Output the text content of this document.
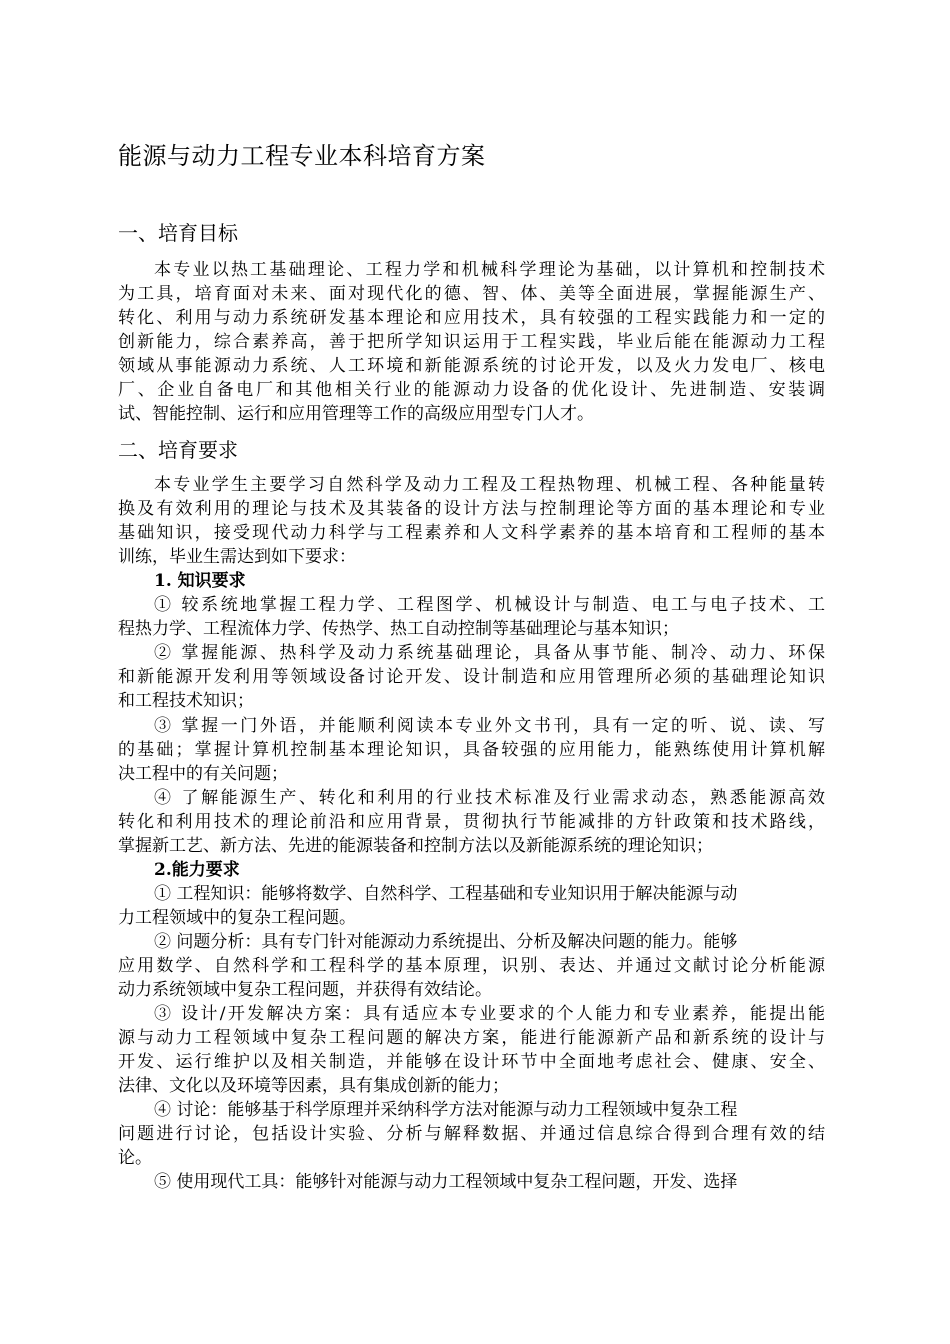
能源与动力工程专业本科培育方案
一、培育目标
本专业以热工基础理论、工程力学和机械科学理论为基础，以计算机和控制技术
为工具，培育面对未来、面对现代化的德、智、体、美等全面进展，掌握能源生产、
转化、利用与动力系统研发基本理论和应用技术，具有较强的工程实践能力和一定的
创新能力，综合素养高，善于把所学知识运用于工程实践，毕业后能在能源动力工程
领域从事能源动力系统、人工环境和新能源系统的讨论开发，以及火力发电厂、核电
厂、企业自备电厂和其他相关行业的能源动力设备的优化设计、先进制造、安装调
试、智能控制、运行和应用管理等工作的高级应用型专门人才。
二、培育要求
本专业学生主要学习自然科学及动力工程及工程热物理、机械工程、各种能量转
换及有效利用的理论与技术及其装备的设计方法与控制理论等方面的基本理论和专业
基础知识，接受现代动力科学与工程素养和人文科学素养的基本培育和工程师的基本
训练，毕业生需达到如下要求：
1. 知识要求
① 较系统地掌握工程力学、工程图学、机械设计与制造、电工与电子技术、工
程热力学、工程流体力学、传热学、热工自动控制等基础理论与基本知识；
② 掌握能源、热科学及动力系统基础理论，具备从事节能、制冷、动力、环保
和新能源开发利用等领域设备讨论开发、设计制造和应用管理所必须的基础理论知识
和工程技术知识；
③ 掌握一门外语，并能顺利阅读本专业外文书刊，具有一定的听、说、读、写
的基础；掌握计算机控制基本理论知识，具备较强的应用能力，能熟练使用计算机解
决工程中的有关问题；
④ 了解能源生产、转化和利用的行业技术标准及行业需求动态，熟悉能源高效
转化和利用技术的理论前沿和应用背景，贯彻执行节能减排的方针政策和技术路线，
掌握新工艺、新方法、先进的能源装备和控制方法以及新能源系统的理论知识；
2.能力要求
① 工程知识：能够将数学、自然科学、工程基础和专业知识用于解决能源与动
力工程领域中的复杂工程问题。
② 问题分析：具有专门针对能源动力系统提出、分析及解决问题的能力。能够
应用数学、自然科学和工程科学的基本原理，识别、表达、并通过文献讨论分析能源
动力系统领域中复杂工程问题，并获得有效结论。
③ 设计/开发解决方案：具有适应本专业要求的个人能力和专业素养，能提出能
源与动力工程领域中复杂工程问题的解决方案，能进行能源新产品和新系统的设计与
开发、运行维护以及相关制造，并能够在设计环节中全面地考虑社会、健康、安全、
法律、文化以及环境等因素，具有集成创新的能力；
④ 讨论：能够基于科学原理并采纳科学方法对能源与动力工程领域中复杂工程
问题进行讨论，包括设计实验、分析与解释数据、并通过信息综合得到合理有效的结
论。
⑤ 使用现代工具：能够针对能源与动力工程领域中复杂工程问题，开发、选择
